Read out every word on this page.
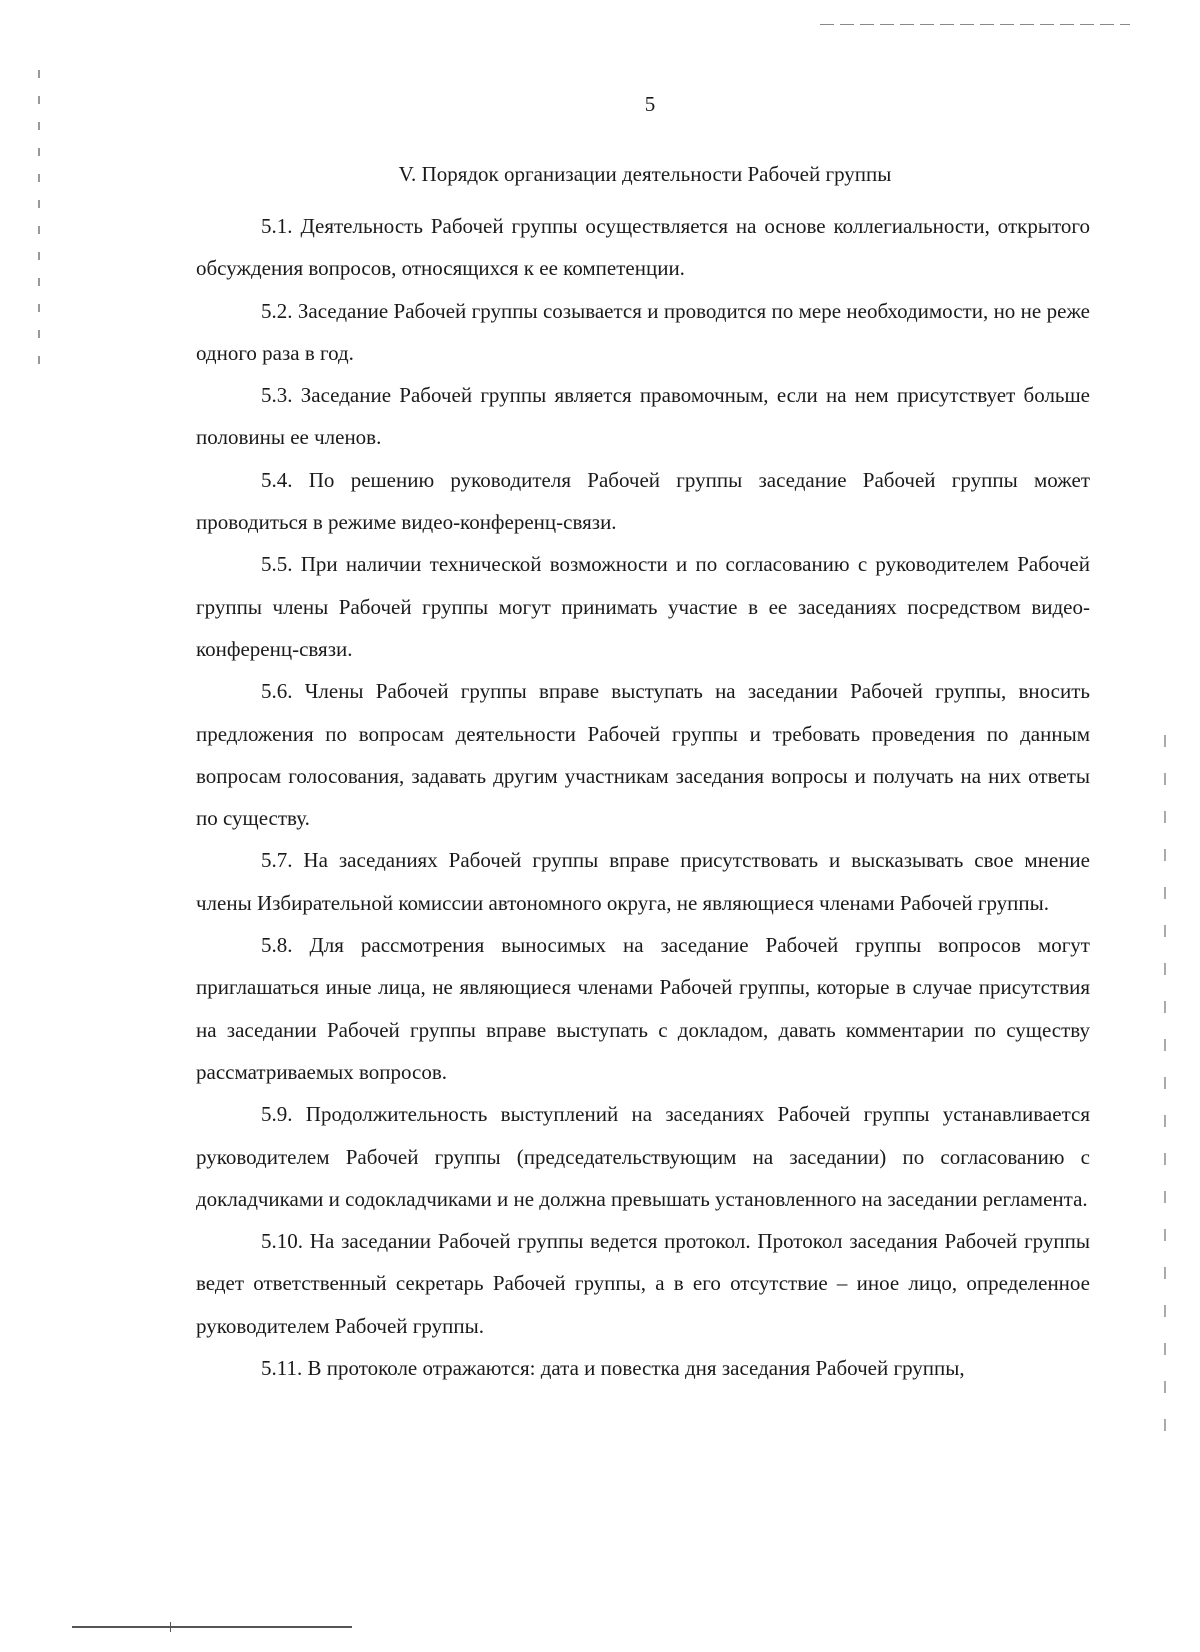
5
V. Порядок организации деятельности Рабочей группы

5.1. Деятельность Рабочей группы осуществляется на основе коллегиальности, открытого обсуждения вопросов, относящихся к ее компетенции.

5.2. Заседание Рабочей группы созывается и проводится по мере необходимости, но не реже одного раза в год.

5.3. Заседание Рабочей группы является правомочным, если на нем присутствует больше половины ее членов.

5.4. По решению руководителя Рабочей группы заседание Рабочей группы может проводиться в режиме видео-конференц-связи.

5.5. При наличии технической возможности и по согласованию с руководителем Рабочей группы члены Рабочей группы могут принимать участие в ее заседаниях посредством видео-конференц-связи.

5.6. Члены Рабочей группы вправе выступать на заседании Рабочей группы, вносить предложения по вопросам деятельности Рабочей группы и требовать проведения по данным вопросам голосования, задавать другим участникам заседания вопросы и получать на них ответы по существу.

5.7. На заседаниях Рабочей группы вправе присутствовать и высказывать свое мнение члены Избирательной комиссии автономного округа, не являющиеся членами Рабочей группы.

5.8. Для рассмотрения выносимых на заседание Рабочей группы вопросов могут приглашаться иные лица, не являющиеся членами Рабочей группы, которые в случае присутствия на заседании Рабочей группы вправе выступать с докладом, давать комментарии по существу рассматриваемых вопросов.

5.9. Продолжительность выступлений на заседаниях Рабочей группы устанавливается руководителем Рабочей группы (председательствующим на заседании) по согласованию с докладчиками и содокладчиками и не должна превышать установленного на заседании регламента.

5.10. На заседании Рабочей группы ведется протокол. Протокол заседания Рабочей группы ведет ответственный секретарь Рабочей группы, а в его отсутствие – иное лицо, определенное руководителем Рабочей группы.

5.11. В протоколе отражаются: дата и повестка дня заседания Рабочей группы,
